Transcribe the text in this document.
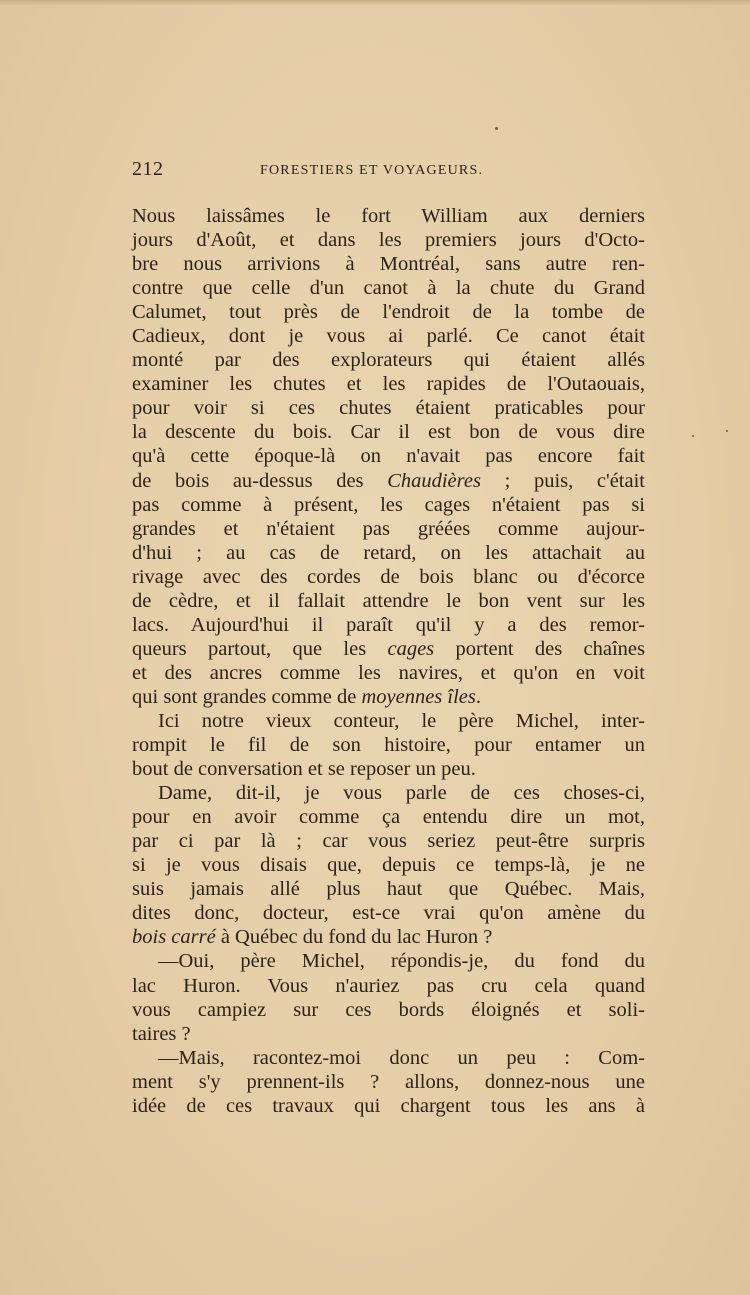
212	FORESTIERS ET VOYAGEURS.
Nous laissâmes le fort William aux derniers
jours d'Août, et dans les premiers jours d'Octo-
bre nous arrivions à Montréal, sans autre ren-
contre que celle d'un canot à la chute du Grand
Calumet, tout près de l'endroit de la tombe de
Cadieux, dont je vous ai parlé. Ce canot était
monté par des explorateurs qui étaient allés
examiner les chutes et les rapides de l'Outaouais,
pour voir si ces chutes étaient praticables pour
la descente du bois. Car il est bon de vous dire
qu'à cette époque-là on n'avait pas encore fait
de bois au-dessus des Chaudières ; puis, c'était
pas comme à présent, les cages n'étaient pas si
grandes et n'étaient pas gréées comme aujour-
d'hui ; au cas de retard, on les attachait au
rivage avec des cordes de bois blanc ou d'écorce
de cèdre, et il fallait attendre le bon vent sur les
lacs. Aujourd'hui il paraît qu'il y a des remor-
queurs partout, que les cages portent des chaînes
et des ancres comme les navires, et qu'on en voit
qui sont grandes comme de moyennes îles.
Ici notre vieux conteur, le père Michel, inter-
rompit le fil de son histoire, pour entamer un
bout de conversation et se reposer un peu.
Dame, dit-il, je vous parle de ces choses-ci,
pour en avoir comme ça entendu dire un mot,
par ci par là ; car vous seriez peut-être surpris
si je vous disais que, depuis ce temps-là, je ne
suis jamais allé plus haut que Québec. Mais,
dites donc, docteur, est-ce vrai qu'on amène du
bois carré à Québec du fond du lac Huron ?
—Oui, père Michel, répondis-je, du fond du
lac Huron. Vous n'auriez pas cru cela quand
vous campiez sur ces bords éloignés et soli-
taires ?
—Mais, racontez-moi donc un peu : Com-
ment s'y prennent-ils ? allons, donnez-nous une
idée de ces travaux qui chargent tous les ans à
